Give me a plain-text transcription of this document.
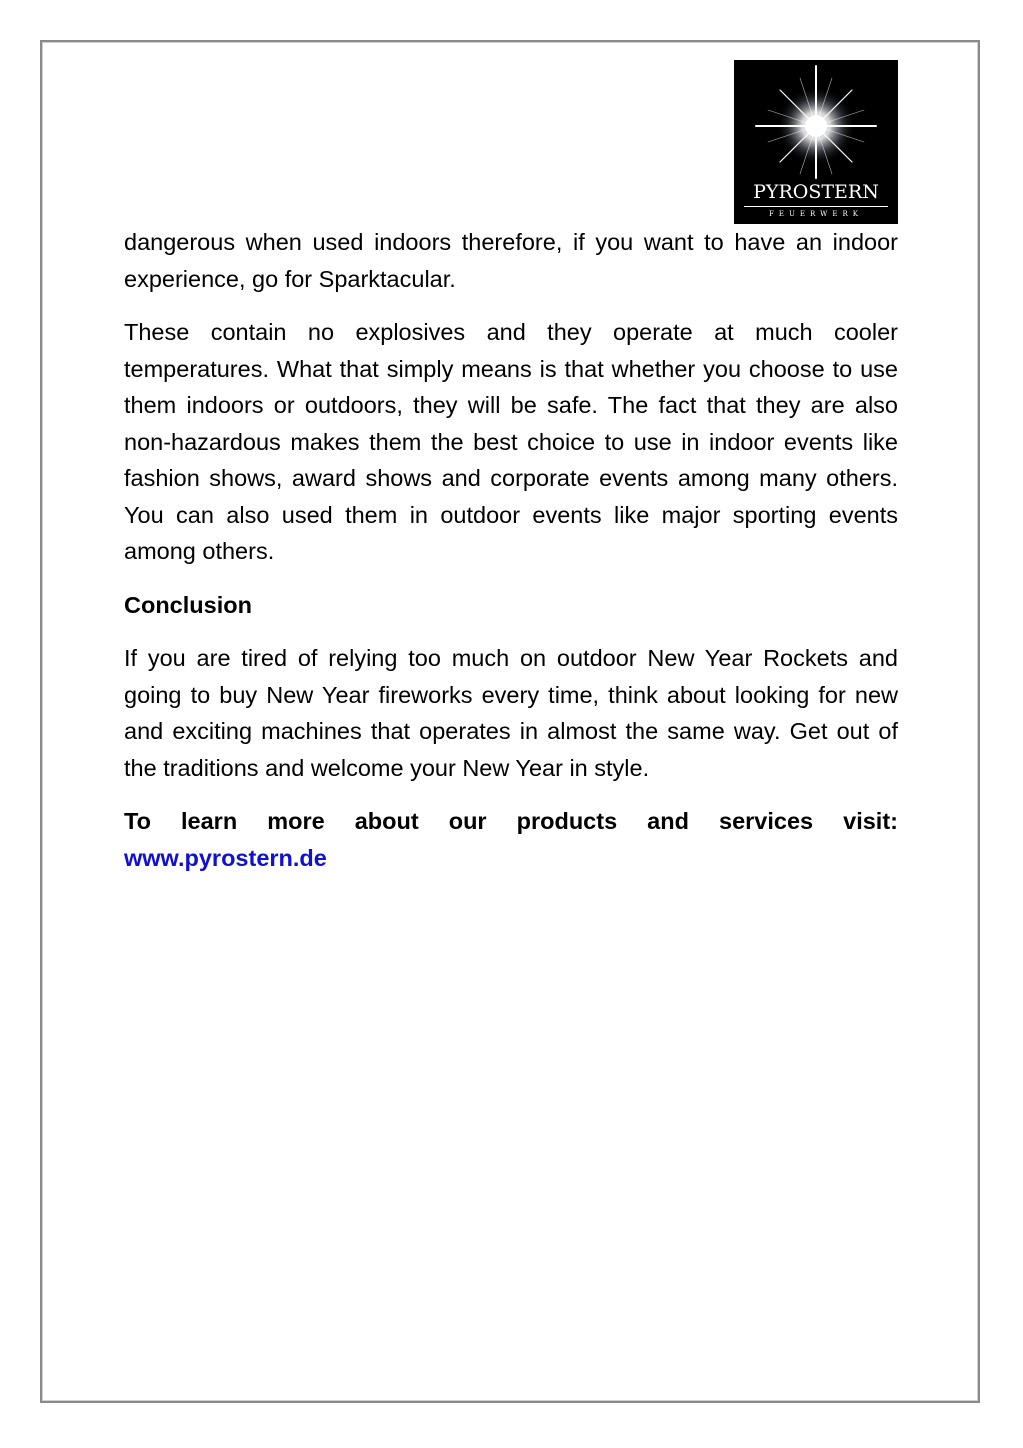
PYROSTERN
FEUERWERK

dangerous when used indoors therefore, if you want to have an indoor experience, go for Sparktacular.

These contain no explosives and they operate at much cooler temperatures. What that simply means is that whether you choose to use them indoors or outdoors, they will be safe. The fact that they are also non-hazardous makes them the best choice to use in indoor events like fashion shows, award shows and corporate events among many others. You can also used them in outdoor events like major sporting events among others.

Conclusion

If you are tired of relying too much on outdoor New Year Rockets and going to buy New Year fireworks every time, think about looking for new and exciting machines that operates in almost the same way. Get out of the traditions and welcome your New Year in style.

To learn more about our products and services visit: www.pyrostern.de
